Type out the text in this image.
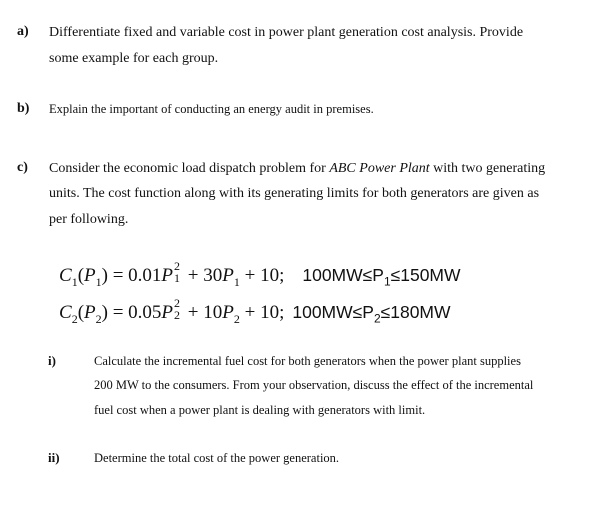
a) Differentiate fixed and variable cost in power plant generation cost analysis. Provide
some example for each group.
b) Explain the important of conducting an energy audit in premises.
c) Consider the economic load dispatch problem for ABC Power Plant with two generating
units. The cost function along with its generating limits for both generators are given as
per following.
$C_1(P_1) = 0.01P$ 2
$1 + 30P_1 + 10$; $100MW\le P_1\le 150MW$
$C_2(P_2) = 0.05P$ 2
$2 + 10P_2 + 10$; $100MW\le P_2\le 180MW$
i)	Calculate the incremental fuel cost for both generators when the power plant supplies
200 MW to the consumers. From your observation, discuss the effect of the incremental
fuel cost when a power plant is dealing with generators with limit.
ii)	Determine the total cost of the power generation.
